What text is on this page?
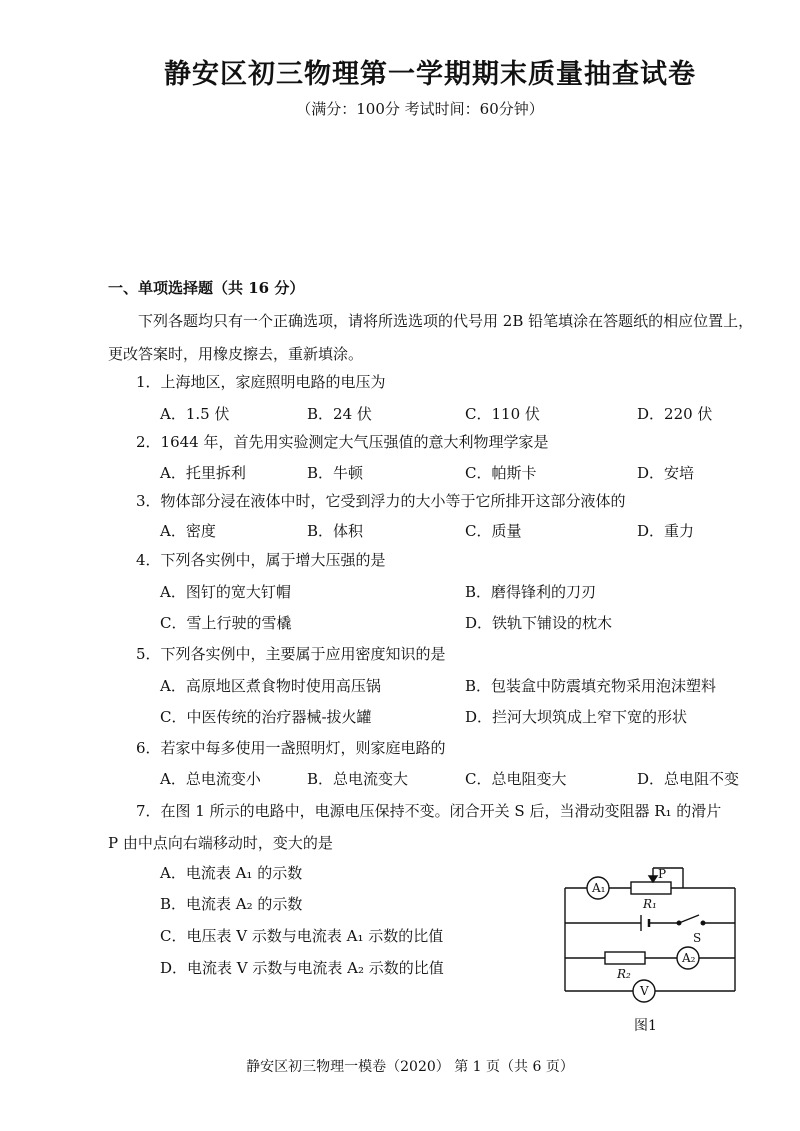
静安区初三物理第一学期期末质量抽查试卷
（满分：100分 考试时间：60分钟）
一、单项选择题（共 16 分）
下列各题均只有一个正确选项，请将所选选项的代号用 2B 铅笔填涂在答题纸的相应位置上，更改答案时，用橡皮擦去，重新填涂。
1．上海地区，家庭照明电路的电压为
A．1.5 伏	B．24 伏	C．110 伏	D．220 伏
2．1644 年，首先用实验测定大气压强值的意大利物理学家是
A．托里拆利	B．牛顿	C．帕斯卡	D．安培
3．物体部分浸在液体中时，它受到浮力的大小等于它所排开这部分液体的
A．密度	B．体积	C．质量	D．重力
4．下列各实例中，属于增大压强的是
A．图钉的宽大钉帽	B．磨得锋利的刀刃
C．雪上行驶的雪橇	D．铁轨下铺设的枕木
5．下列各实例中，主要属于应用密度知识的是
A．高原地区煮食物时使用高压锅	B．包装盒中防震填充物采用泡沫塑料
C．中医传统的治疗器械-拔火罐	D．拦河大坝筑成上窄下宽的形状
6．若家中每多使用一盏照明灯，则家庭电路的
A．总电流变小	B．总电流变大	C．总电阻变大	D．总电阻不变
7．在图 1 所示的电路中，电源电压保持不变。闭合开关 S 后，当滑动变阻器 R₁ 的滑片 P 由中点向右端移动时，变大的是
A．电流表 A₁ 的示数
B．电流表 A₂ 的示数
C．电压表 V 示数与电流表 A₁ 示数的比值
D．电流表 V 示数与电流表 A₂ 示数的比值
A₁
A₂
V
P
R₁
R₂
S
图1
静安区初三物理一模卷（2020） 第 1 页（共 6 页）
